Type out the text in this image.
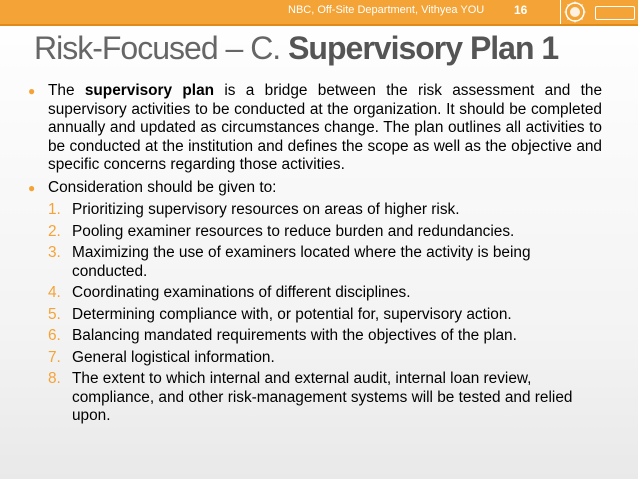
NBC, Off-Site Department, Vithyea YOU 16
Risk-Focused – C. Supervisory Plan 1
● The supervisory plan is a bridge between the risk assessment and the supervisory activities to be conducted at the organization. It should be completed annually and updated as circumstances change. The plan outlines all activities to be conducted at the institution and defines the scope as well as the objective and specific concerns regarding those activities.
● Consideration should be given to:
1. Prioritizing supervisory resources on areas of higher risk.
2. Pooling examiner resources to reduce burden and redundancies.
3. Maximizing the use of examiners located where the activity is being conducted.
4. Coordinating examinations of different disciplines.
5. Determining compliance with, or potential for, supervisory action.
6. Balancing mandated requirements with the objectives of the plan.
7. General logistical information.
8. The extent to which internal and external audit, internal loan review, compliance, and other risk-management systems will be tested and relied upon.
